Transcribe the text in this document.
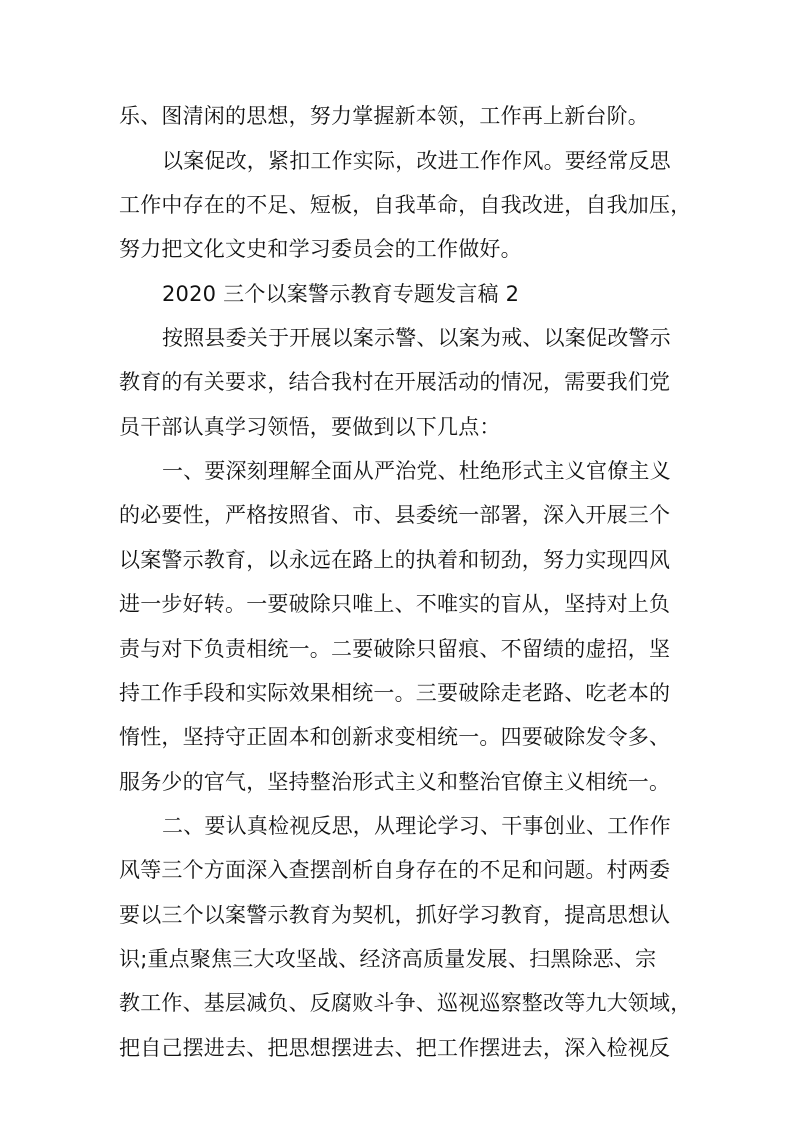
乐、图清闲的思想，努力掌握新本领，工作再上新台阶。
以案促改，紧扣工作实际，改进工作作风。要经常反思
工作中存在的不足、短板，自我革命，自我改进，自我加压，
努力把文化文史和学习委员会的工作做好。
2020 三个以案警示教育专题发言稿 2
按照县委关于开展以案示警、以案为戒、以案促改警示
教育的有关要求，结合我村在开展活动的情况，需要我们党
员干部认真学习领悟，要做到以下几点：
一、要深刻理解全面从严治党、杜绝形式主义官僚主义
的必要性，严格按照省、市、县委统一部署，深入开展三个
以案警示教育，以永远在路上的执着和韧劲，努力实现四风
进一步好转。一要破除只唯上、不唯实的盲从，坚持对上负
责与对下负责相统一。二要破除只留痕、不留绩的虚招，坚
持工作手段和实际效果相统一。三要破除走老路、吃老本的
惰性，坚持守正固本和创新求变相统一。四要破除发令多、
服务少的官气，坚持整治形式主义和整治官僚主义相统一。
二、要认真检视反思，从理论学习、干事创业、工作作
风等三个方面深入查摆剖析自身存在的不足和问题。村两委
要以三个以案警示教育为契机，抓好学习教育，提高思想认
识;重点聚焦三大攻坚战、经济高质量发展、扫黑除恶、宗
教工作、基层减负、反腐败斗争、巡视巡察整改等九大领域，
把自己摆进去、把思想摆进去、把工作摆进去，深入检视反
